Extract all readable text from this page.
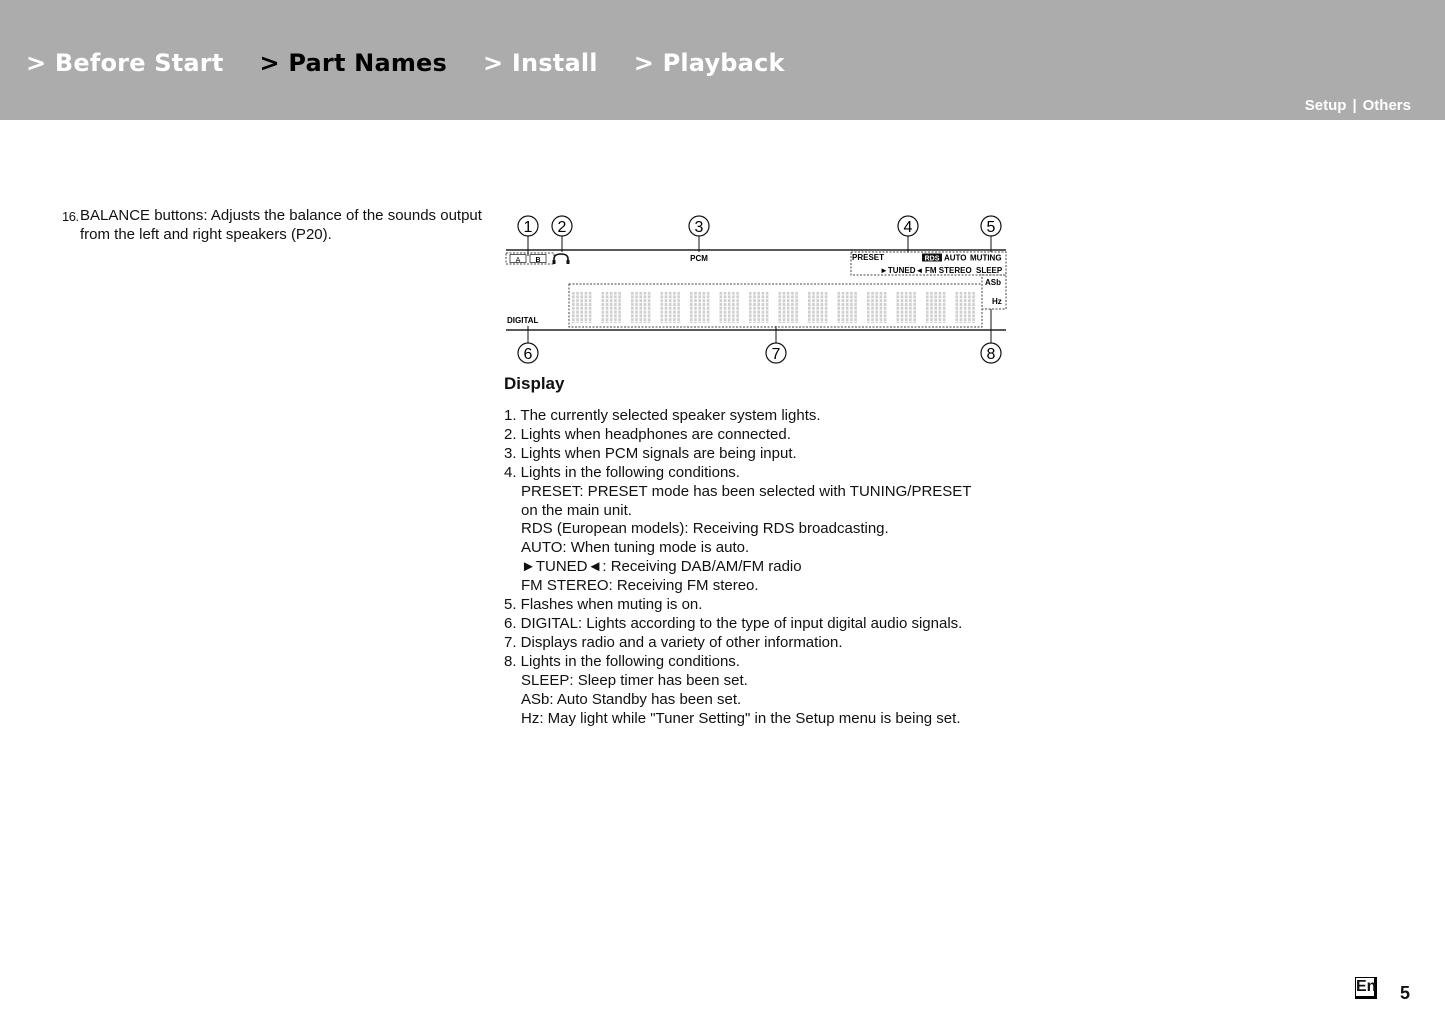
> Before Start > Part Names > Install > Playback
Setup | Others
16. BALANCE buttons: Adjusts the balance of the sounds output from the left and right speakers (P20).	1 2	3	4	5
A B	PCM	PRESET	RDS AUTO MUTING
►TUNED◄ FM STEREO SLEEP
ASb
Hz
DIGITAL
6	7	8
Display
1. The currently selected speaker system lights.
2. Lights when headphones are connected.
3. Lights when PCM signals are being input.
4. Lights in the following conditions.
PRESET: PRESET mode has been selected with TUNING/PRESET
on the main unit.
RDS (European models): Receiving RDS broadcasting.
AUTO: When tuning mode is auto.
►TUNED◄: Receiving DAB/AM/FM radio
FM STEREO: Receiving FM stereo.
5. Flashes when muting is on.
6. DIGITAL: Lights according to the type of input digital audio signals.
7. Displays radio and a variety of other information.
8. Lights in the following conditions.
SLEEP: Sleep timer has been set.
ASb: Auto Standby has been set.
Hz: May light while "Tuner Setting" in the Setup menu is being set.
En 5
